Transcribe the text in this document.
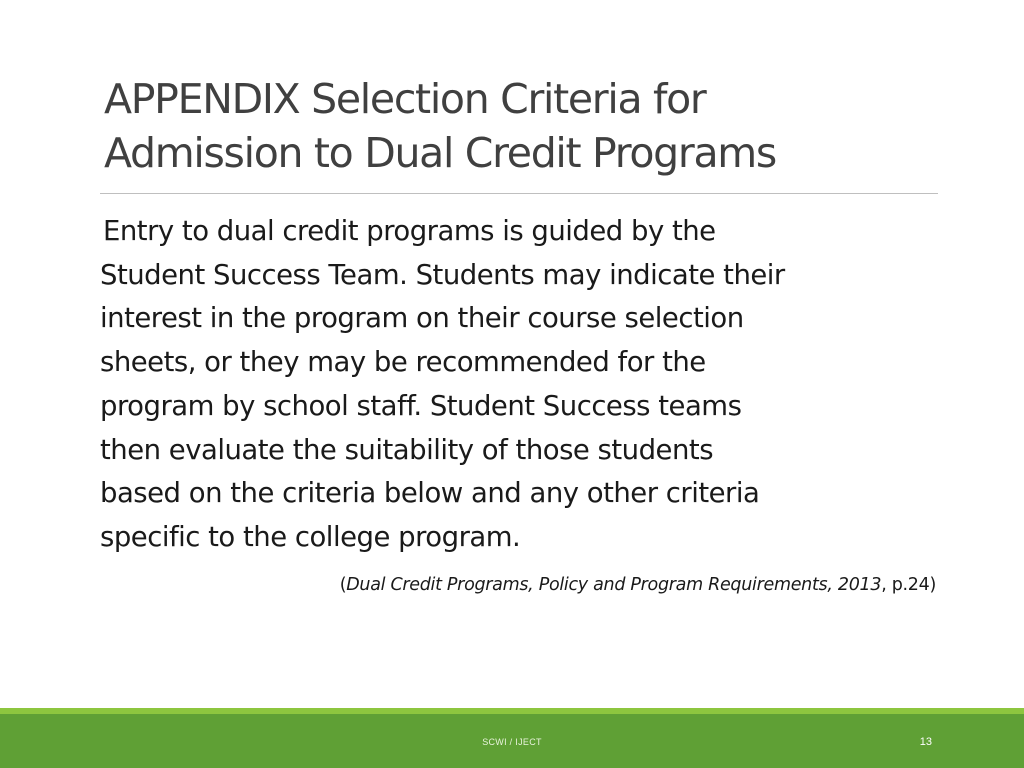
APPENDIX Selection Criteria for
Admission to Dual Credit Programs

Entry to dual credit programs is guided by the
Student Success Team. Students may indicate their
interest in the program on their course selection
sheets, or they may be recommended for the
program by school staff. Student Success teams
then evaluate the suitability of those students
based on the criteria below and any other criteria
specific to the college program.

(Dual Credit Programs, Policy and Program Requirements, 2013, p.24)
SCWI / IJECT	13
